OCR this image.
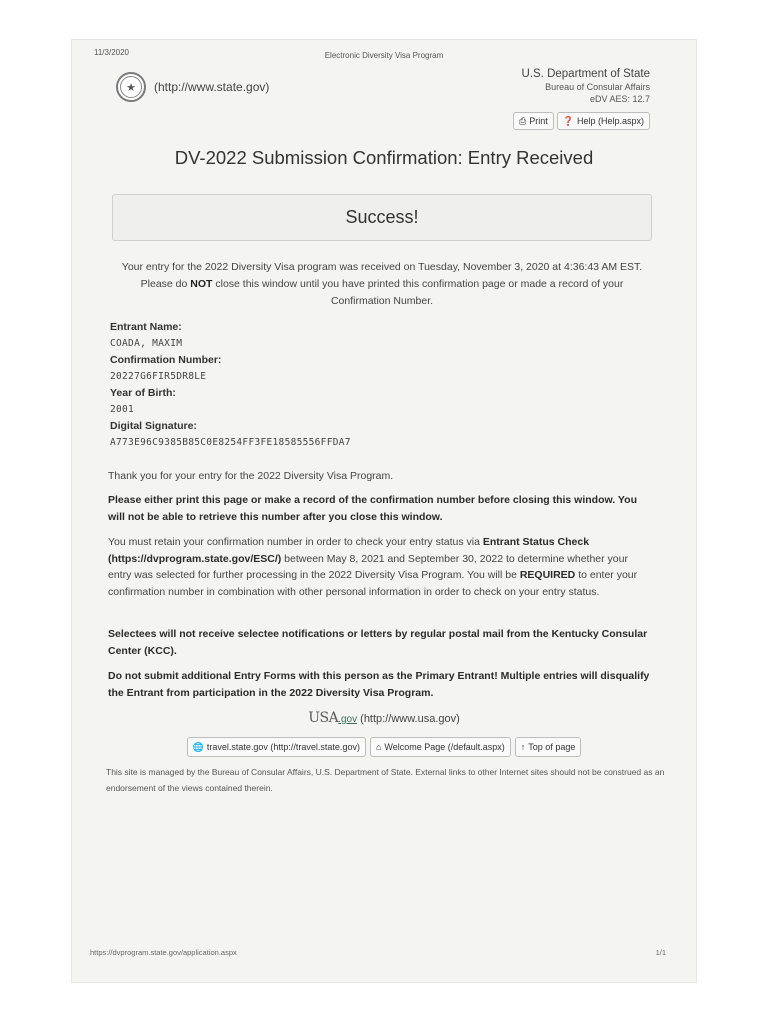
11/3/2020	Electronic Diversity Visa Program
★	(http://www.state.gov)
U.S. Department of State
Bureau of Consular Affairs
eDV AES: 12.7
⎙ Print ❓ Help (Help.aspx)
DV-2022 Submission Confirmation: Entry Received
Success!
Your entry for the 2022 Diversity Visa program was received on Tuesday, November 3, 2020 at 4:36:43 AM EST. Please do NOT close this window until you have printed this confirmation page or made a record of your Confirmation Number.
Entrant Name:
COADA, MAXIM
Confirmation Number:
20227G6FIR5DR8LE
Year of Birth:
2001
Digital Signature:
A773E96C9385B85C0E8254FF3FE18585556FFDA7
Thank you for your entry for the 2022 Diversity Visa Program.
Please either print this page or make a record of the confirmation number before closing this window. You will not be able to retrieve this number after you close this window.
You must retain your confirmation number in order to check your entry status via Entrant Status Check (https://dvprogram.state.gov/ESC/) between May 8, 2021 and September 30, 2022 to determine whether your entry was selected for further processing in the 2022 Diversity Visa Program. You will be REQUIRED to enter your confirmation number in combination with other personal information in order to check on your entry status.
Selectees will not receive selectee notifications or letters by regular postal mail from the Kentucky Consular Center (KCC).
Do not submit additional Entry Forms with this person as the Primary Entrant! Multiple entries will disqualify the Entrant from participation in the 2022 Diversity Visa Program.
USA.gov (http://www.usa.gov)
🌐 travel.state.gov (http://travel.state.gov) ⌂ Welcome Page (/default.aspx) ↑ Top of page
This site is managed by the Bureau of Consular Affairs, U.S. Department of State. External links to other Internet sites should not be construed as an endorsement of the views contained therein.
https://dvprogram.state.gov/application.aspx	1/1
